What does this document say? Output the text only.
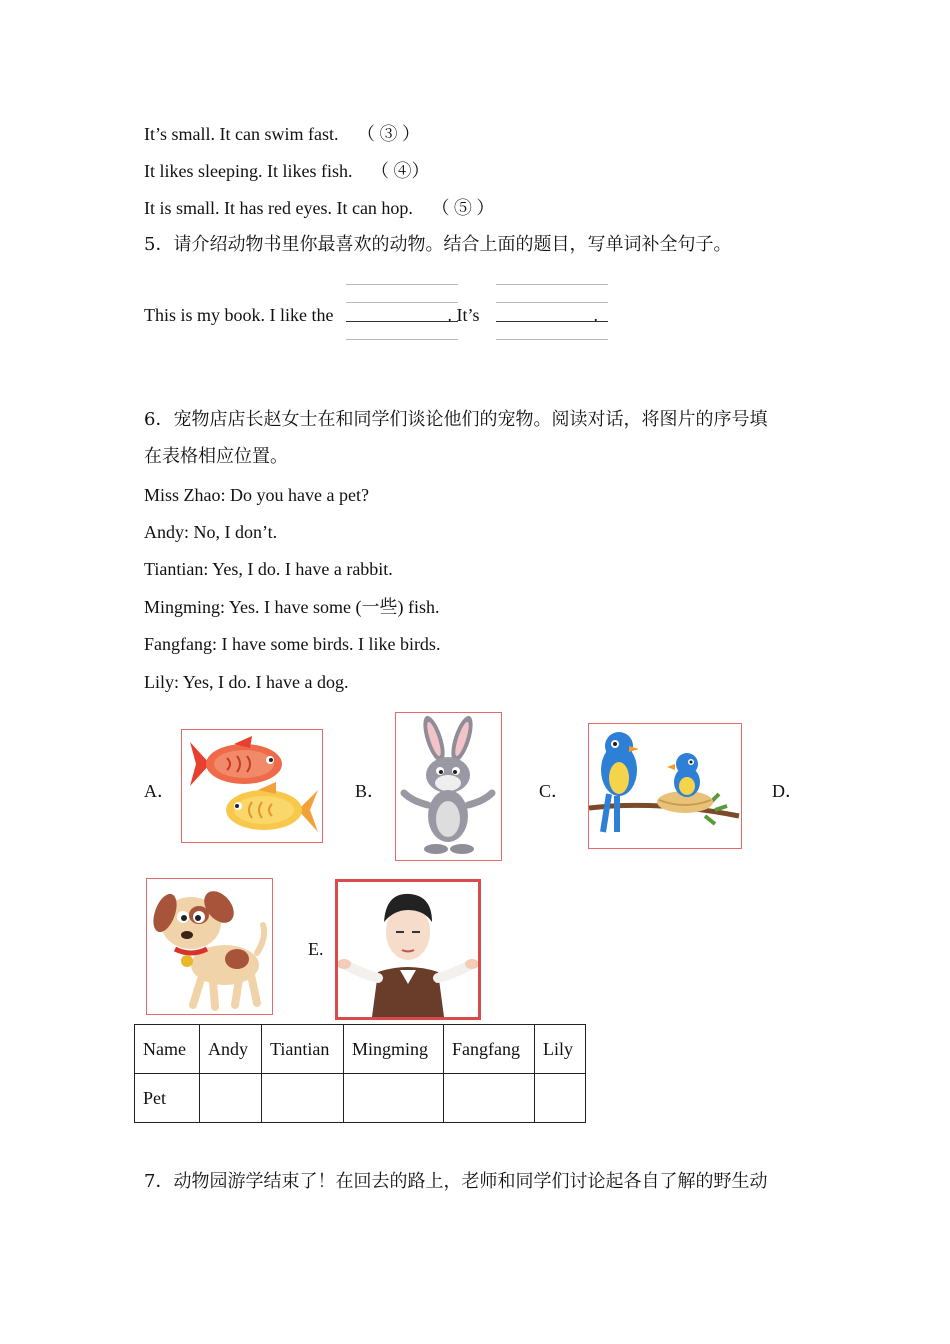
It’s small. It can swim fast. （ ③ ）
It likes sleeping. It likes fish. （ ④）
It is small. It has red eyes. It can hop. （ ⑤ ）
5．请介绍动物书里你最喜欢的动物。结合上面的题目，写单词补全句子。
This is my book. I like the	. It’s	.
6．宠物店店长赵女士在和同学们谈论他们的宠物。阅读对话，将图片的序号填
在表格相应位置。
Miss Zhao: Do you have a pet?
Andy: No, I don’t.
Tiantian: Yes, I do. I have a rabbit.
Mingming: Yes. I have some (一些) fish.
Fangfang: I have some birds. I like birds.
Lily: Yes, I do. I have a dog.
A．	B．	C．	D．
E.
Name	Andy	Tiantian	Mingming	Fangfang	Lily
Pet					
7．动物园游学结束了！在回去的路上，老师和同学们讨论起各自了解的野生动
